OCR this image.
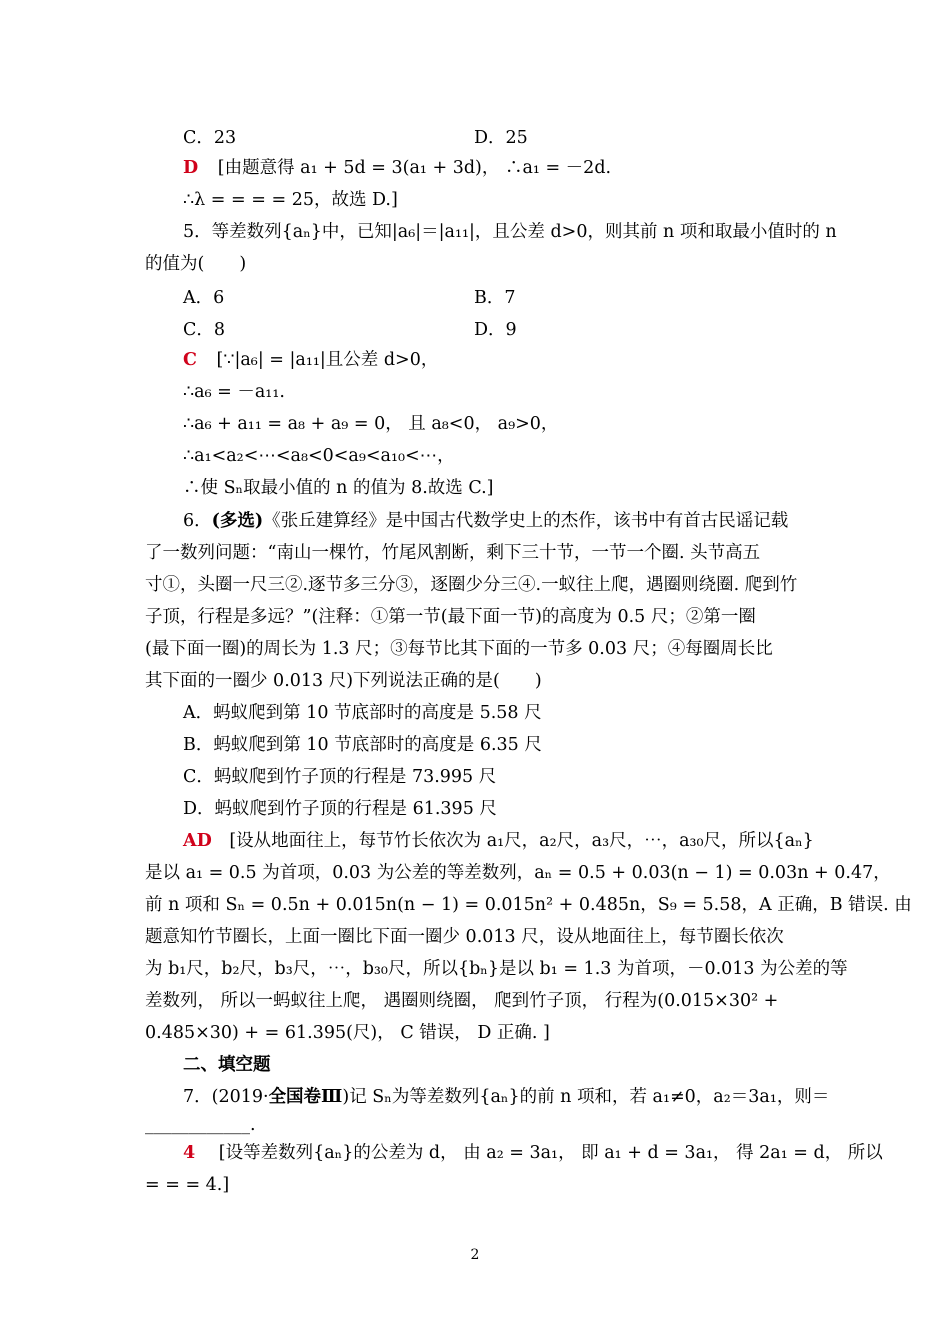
C．23	D．25
D [由题意得 a₁ + 5d = 3(a₁ + 3d)， ∴a₁ = －2d.
∴λ = = = = 25，故选 D.]
5．等差数列{aₙ}中，已知|a₆|＝|a₁₁|，且公差 d>0，则其前 n 项和取最小值时的 n
的值为(　　)
A．6	B．7
C．8	D．9
C [∵|a₆| = |a₁₁|且公差 d>0，
∴a₆ = －a₁₁.
∴a₆ + a₁₁ = a₈ + a₉ = 0， 且 a₈<0， a₉>0，
∴a₁<a₂<⋯<a₈<0<a₉<a₁₀<⋯，
∴使 Sₙ取最小值的 n 的值为 8.故选 C.]
6．(多选)《张丘建算经》是中国古代数学史上的杰作，该书中有首古民谣记载
了一数列问题：“南山一棵竹，竹尾风割断，剩下三十节，一节一个圈. 头节高五
寸①，头圈一尺三②.逐节多三分③，逐圈少分三④.一蚁往上爬，遇圈则绕圈. 爬到竹
子顶，行程是多远？”(注释：①第一节(最下面一节)的高度为 0.5 尺；②第一圈
(最下面一圈)的周长为 1.3 尺；③每节比其下面的一节多 0.03 尺；④每圈周长比
其下面的一圈少 0.013 尺)下列说法正确的是(　　)
A．蚂蚁爬到第 10 节底部时的高度是 5.58 尺
B．蚂蚁爬到第 10 节底部时的高度是 6.35 尺
C．蚂蚁爬到竹子顶的行程是 73.995 尺
D．蚂蚁爬到竹子顶的行程是 61.395 尺
AD [设从地面往上，每节竹长依次为 a₁尺，a₂尺，a₃尺，⋯，a₃₀尺，所以{aₙ}
是以 a₁ = 0.5 为首项，0.03 为公差的等差数列，aₙ = 0.5 + 0.03(n − 1) = 0.03n + 0.47，
前 n 项和 Sₙ = 0.5n + 0.015n(n − 1) = 0.015n² + 0.485n，S₉ = 5.58，A 正确，B 错误. 由
题意知竹节圈长，上面一圈比下面一圈少 0.013 尺，设从地面往上，每节圈长依次
为 b₁尺，b₂尺，b₃尺，⋯，b₃₀尺，所以{bₙ}是以 b₁ = 1.3 为首项，－0.013 为公差的等
差数列， 所以一蚂蚁往上爬， 遇圈则绕圈， 爬到竹子顶， 行程为(0.015×30² +
0.485×30) + = 61.395(尺)， C 错误， D 正确. ]
二、填空题
7．(2019·全国卷Ⅲ)记 Sₙ为等差数列{aₙ}的前 n 项和，若 a₁≠0，a₂＝3a₁，则＝
____________.
4 [设等差数列{aₙ}的公差为 d， 由 a₂ = 3a₁， 即 a₁ + d = 3a₁， 得 2a₁ = d， 所以
= = = 4.]
2
